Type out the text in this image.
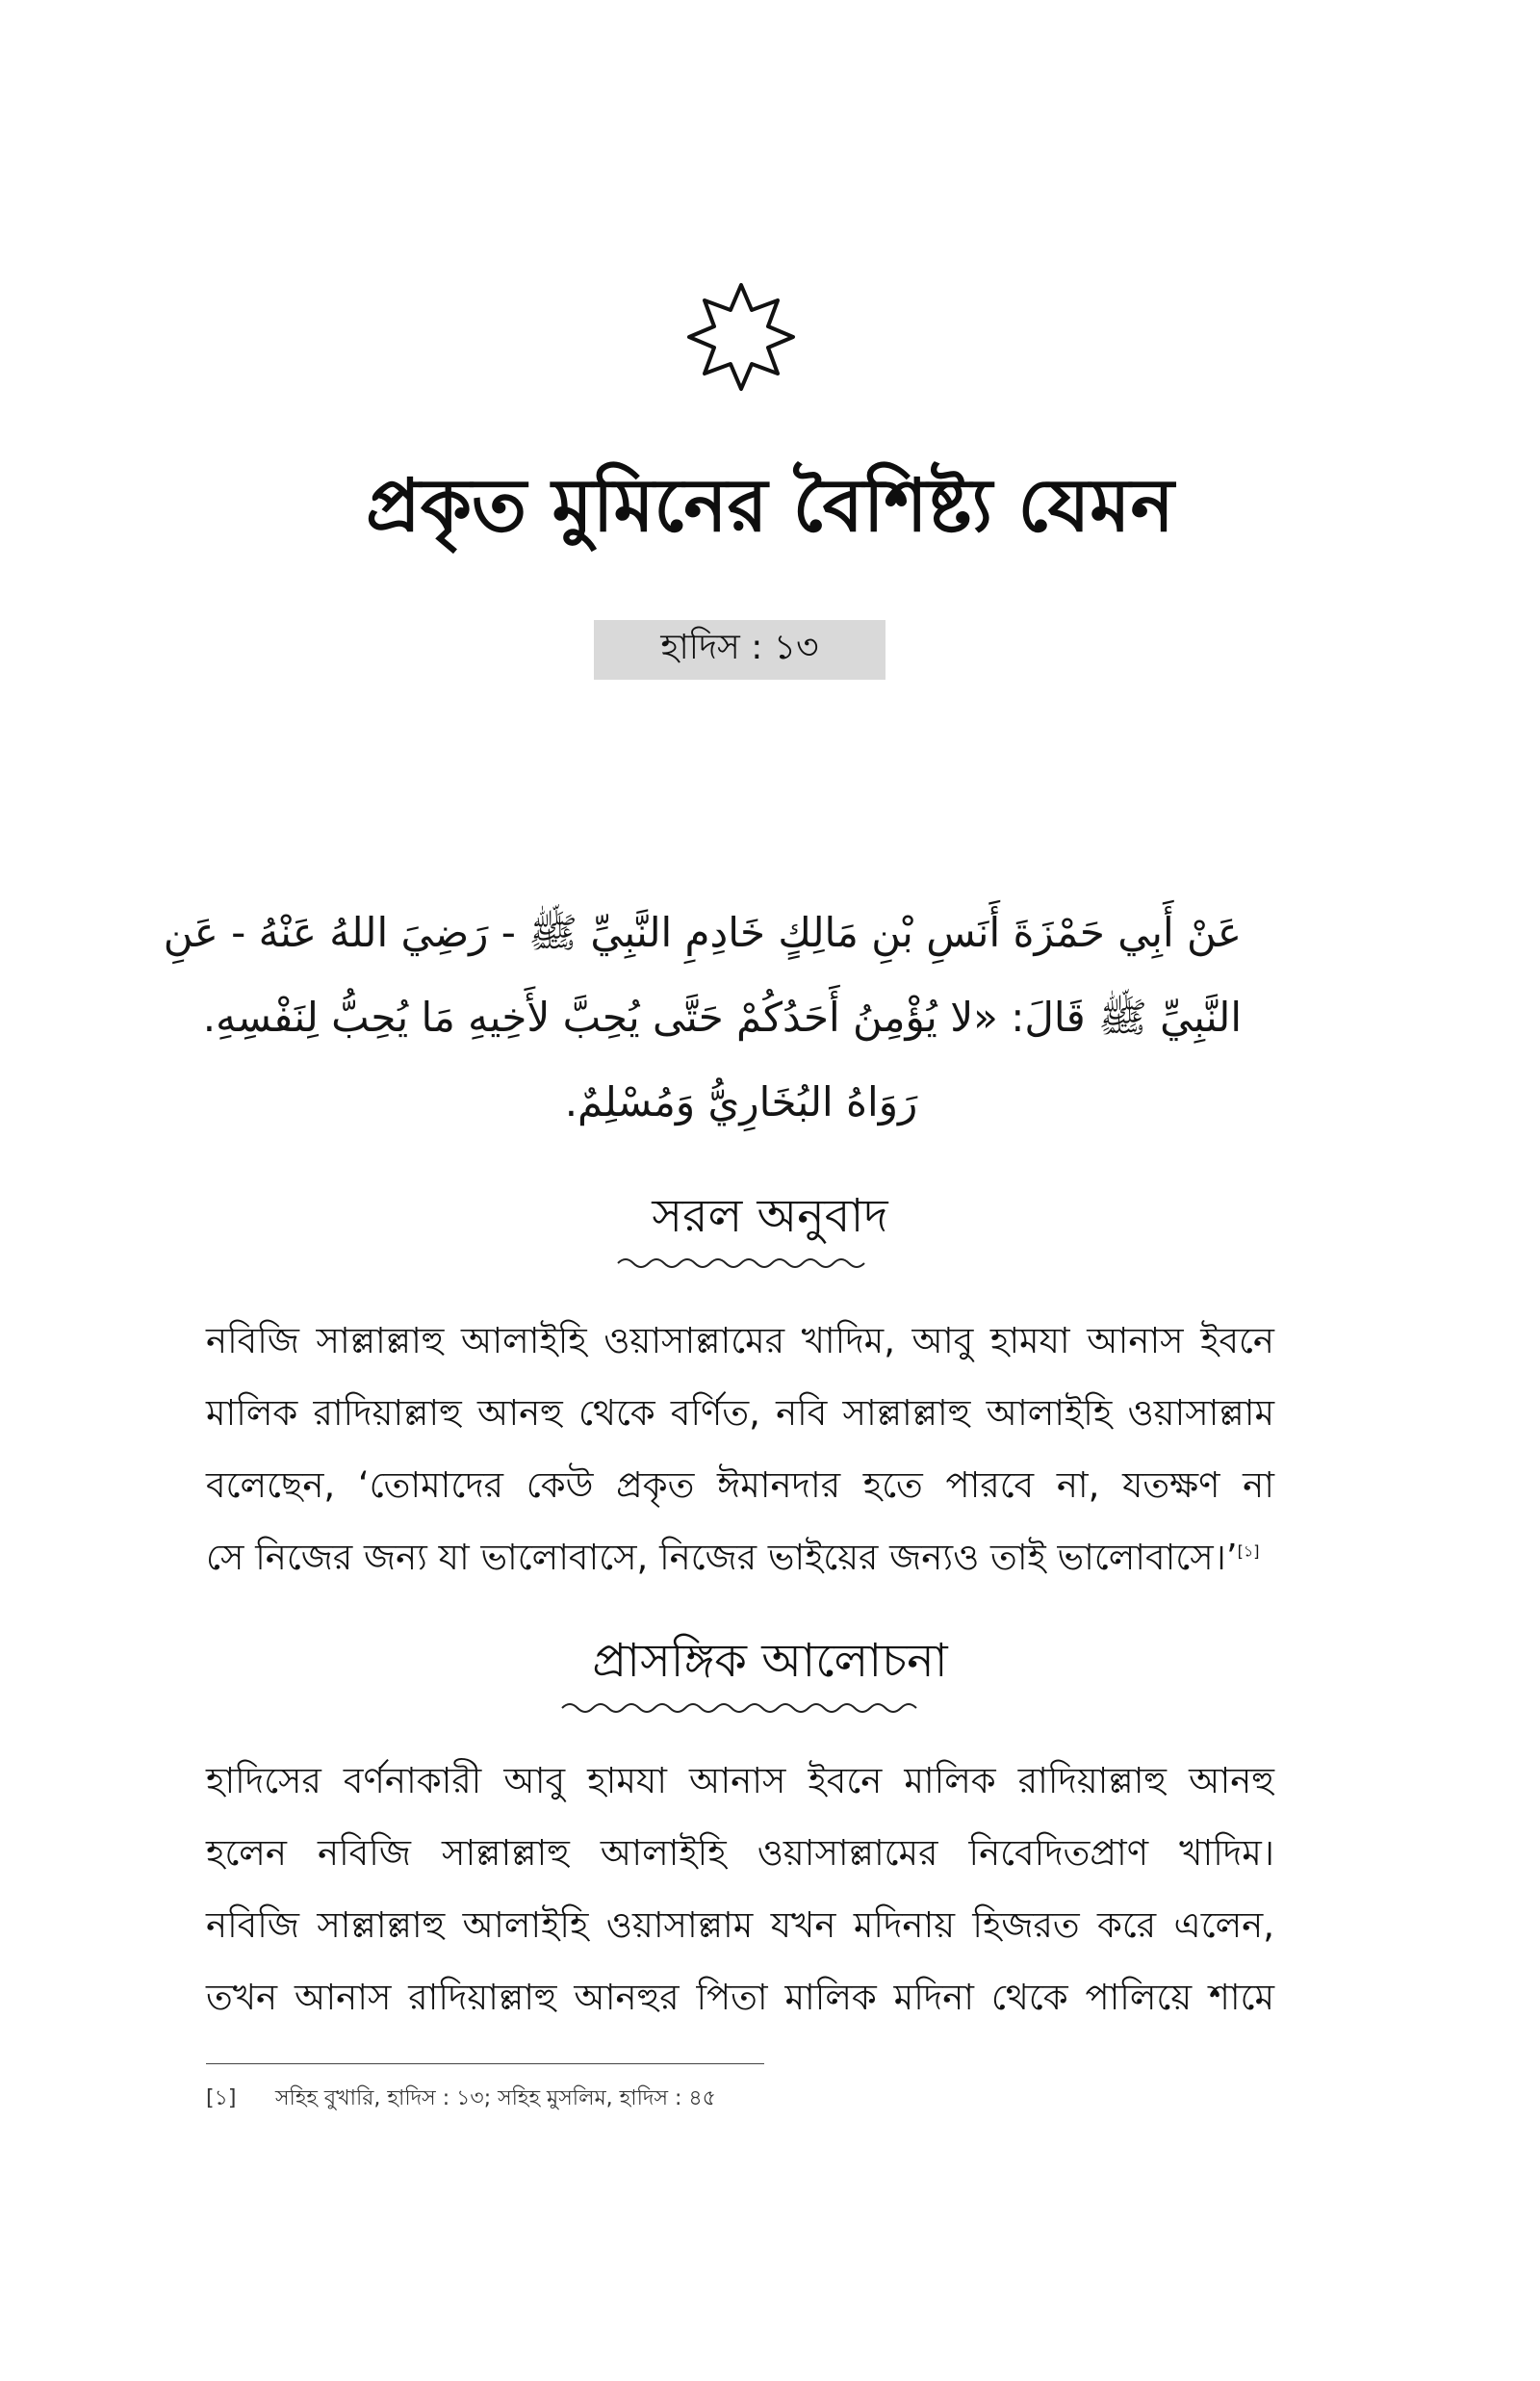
প্রকৃত মুমিনের বৈশিষ্ট্য যেমন
হাদিস : ১৩
عَنْ أَبِي حَمْزَةَ أَنَسِ بْنِ مَالِكٍ خَادِمِ النَّبِيِّ ﷺ - رَضِيَ اللهُ عَنْهُ - عَنِ
النَّبِيِّ ﷺ قَالَ: «لا يُؤْمِنُ أَحَدُكُمْ حَتَّى يُحِبَّ لأَخِيهِ مَا يُحِبُّ لِنَفْسِهِ.
رَوَاهُ البُخَارِيُّ وَمُسْلِمٌ.
সরল অনুবাদ
নবিজি সাল্লাল্লাহু আলাইহি ওয়াসাল্লামের খাদিম, আবু হামযা আনাস ইবনে
মালিক রাদিয়াল্লাহু আনহু থেকে বর্ণিত, নবি সাল্লাল্লাহু আলাইহি ওয়াসাল্লাম
বলেছেন, ‘তোমাদের কেউ প্রকৃত ঈমানদার হতে পারবে না, যতক্ষণ না
সে নিজের জন্য যা ভালোবাসে, নিজের ভাইয়ের জন্যও তাই ভালোবাসে।’[১]
প্রাসঙ্গিক আলোচনা
হাদিসের বর্ণনাকারী আবু হামযা আনাস ইবনে মালিক রাদিয়াল্লাহু আনহু
হলেন নবিজি সাল্লাল্লাহু আলাইহি ওয়াসাল্লামের নিবেদিতপ্রাণ খাদিম।
নবিজি সাল্লাল্লাহু আলাইহি ওয়াসাল্লাম যখন মদিনায় হিজরত করে এলেন,
তখন আনাস রাদিয়াল্লাহু আনহুর পিতা মালিক মদিনা থেকে পালিয়ে শামে
[১] সহিহ বুখারি, হাদিস : ১৩; সহিহ মুসলিম, হাদিস : ৪৫
